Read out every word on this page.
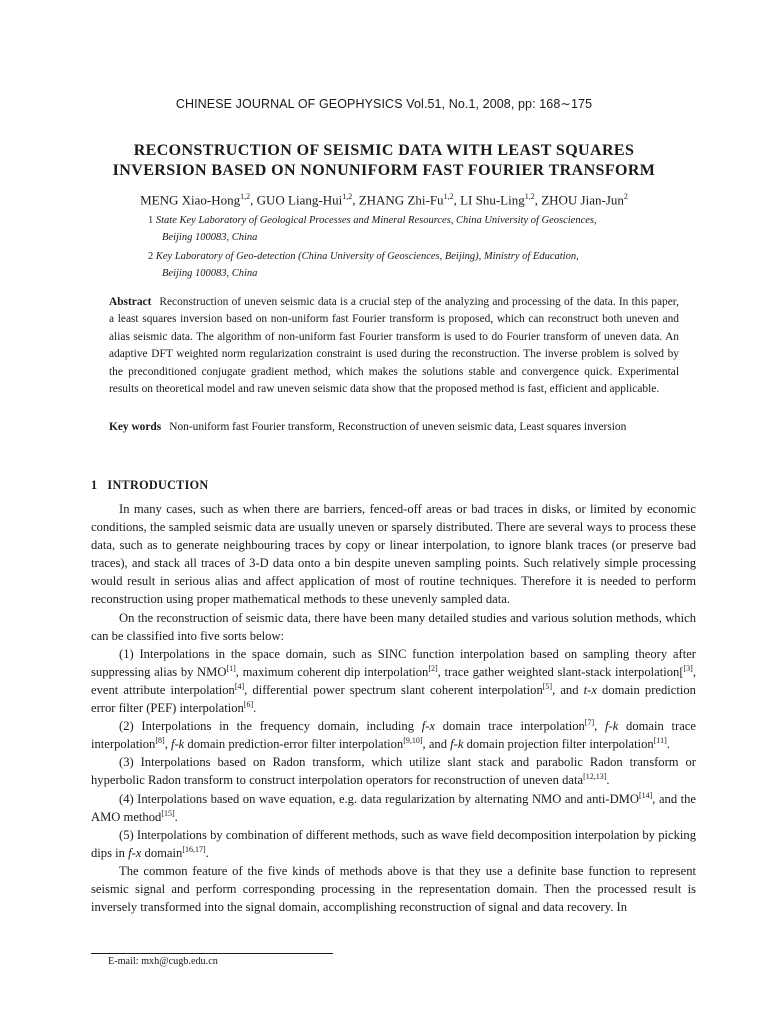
CHINESE JOURNAL OF GEOPHYSICS Vol.51, No.1, 2008, pp: 168∼175
RECONSTRUCTION OF SEISMIC DATA WITH LEAST SQUARES
INVERSION BASED ON NONUNIFORM FAST FOURIER TRANSFORM
MENG Xiao-Hong$^{1,2}$, GUO Liang-Hui$^{1,2}$, ZHANG Zhi-Fu$^{1,2}$, LI Shu-Ling$^{1,2}$, ZHOU Jian-Jun$^2$
1 State Key Laboratory of Geological Processes and Mineral Resources, China University of Geosciences,
Beijing 100083, China
2 Key Laboratory of Geo-detection (China University of Geosciences, Beijing), Ministry of Education,
Beijing 100083, China
Abstract Reconstruction of uneven seismic data is a crucial step of the analyzing and processing of the data. In this paper, a least squares inversion based on non-uniform fast Fourier transform is proposed, which can reconstruct both uneven and alias seismic data. The algorithm of non-uniform fast Fourier transform is used to do Fourier transform of uneven data. An adaptive DFT weighted norm regularization constraint is used during the reconstruction. The inverse problem is solved by the preconditioned conjugate gradient method, which makes the solutions stable and convergence quick. Experimental results on theoretical model and raw uneven seismic data show that the proposed method is fast, efficient and applicable.
Key words Non-uniform fast Fourier transform, Reconstruction of uneven seismic data, Least squares inversion
1 INTRODUCTION

In many cases, such as when there are barriers, fenced-off areas or bad traces in disks, or limited by economic conditions, the sampled seismic data are usually uneven or sparsely distributed. There are several ways to process these data, such as to generate neighbouring traces by copy or linear interpolation, to ignore blank traces (or preserve bad traces), and stack all traces of 3-D data onto a bin despite uneven sampling points. Such relatively simple processing would result in serious alias and affect application of most of routine techniques. Therefore it is needed to perform reconstruction using proper mathematical methods to these unevenly sampled data.

On the reconstruction of seismic data, there have been many detailed studies and various solution methods, which can be classified into five sorts below:

(1) Interpolations in the space domain, such as SINC function interpolation based on sampling theory after suppressing alias by NMO[1], maximum coherent dip interpolation[2], trace gather weighted slant-stack interpolation[[3], event attribute interpolation[4], differential power spectrum slant coherent interpolation[5], and t-x domain prediction error filter (PEF) interpolation[6].

(2) Interpolations in the frequency domain, including f-x domain trace interpolation[7], f-k domain trace interpolation[8], f-k domain prediction-error filter interpolation[9,10], and f-k domain projection filter interpolation[11].

(3) Interpolations based on Radon transform, which utilize slant stack and parabolic Radon transform or hyperbolic Radon transform to construct interpolation operators for reconstruction of uneven data[12,13].

(4) Interpolations based on wave equation, e.g. data regularization by alternating NMO and anti-DMO[14], and the AMO method[15].

(5) Interpolations by combination of different methods, such as wave field decomposition interpolation by picking dips in f-x domain[16,17].

The common feature of the five kinds of methods above is that they use a definite base function to represent seismic signal and perform corresponding processing in the representation domain. Then the processed result is inversely transformed into the signal domain, accomplishing reconstruction of signal and data recovery. In

E-mail: mxh@cugb.edu.cn
